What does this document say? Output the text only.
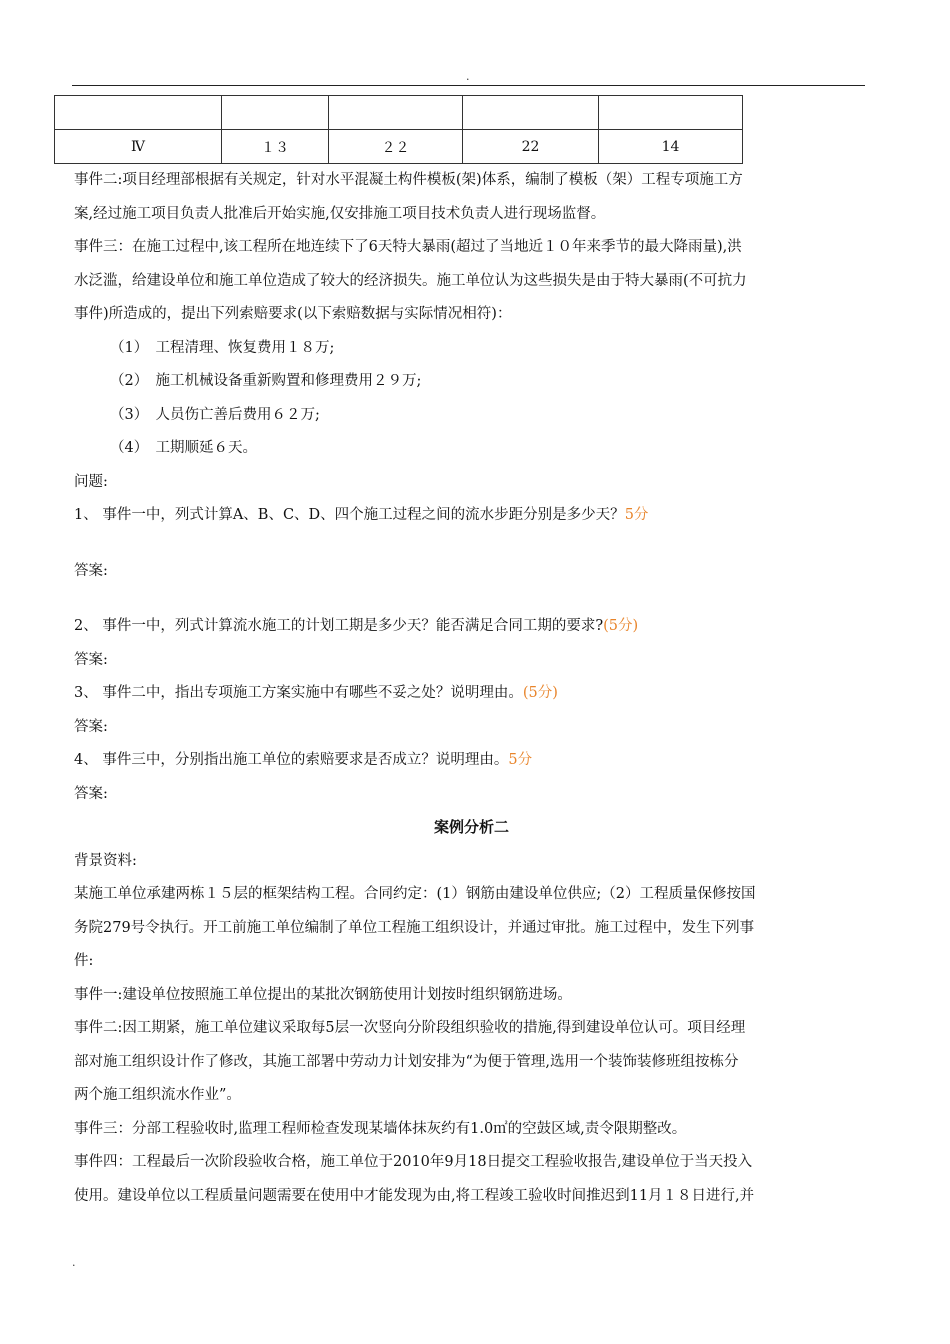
.

Ⅳ	１３	２２	22	14

事件二:项目经理部根据有关规定，针对水平混凝土构件模板(架)体系，编制了模板（架）工程专项施工方

案,经过施工项目负责人批准后开始实施,仅安排施工项目技术负责人进行现场监督。

事件三：在施工过程中,该工程所在地连续下了6天特大暴雨(超过了当地近１０年来季节的最大降雨量),洪

水泛滥，给建设单位和施工单位造成了较大的经济损失。施工单位认为这些损失是由于特大暴雨(不可抗力

事件)所造成的，提出下列索赔要求(以下索赔数据与实际情况相符)：

（1）　工程清理、恢复费用１８万;

（2）　施工机械设备重新购置和修理费用２９万;

（3）　人员伤亡善后费用６２万;

（4）　工期顺延６天。

问题:

1、 事件一中，列式计算A、B、C、D、四个施工过程之间的流水步距分别是多少天？5分

答案:

2、 事件一中，列式计算流水施工的计划工期是多少天？能否满足合同工期的要求?(5分)

答案:

3、 事件二中，指出专项施工方案实施中有哪些不妥之处？说明理由。(5分)

答案:

4、 事件三中，分别指出施工单位的索赔要求是否成立？说明理由。5分

答案:

案例分析二

背景资料:

某施工单位承建两栋１５层的框架结构工程。合同约定：(1）钢筋由建设单位供应;（2）工程质量保修按国

务院279号令执行。开工前施工单位编制了单位工程施工组织设计，并通过审批。施工过程中，发生下列事

件:

事件一:建设单位按照施工单位提出的某批次钢筋使用计划按时组织钢筋进场。

事件二:因工期紧，施工单位建议采取每5层一次竖向分阶段组织验收的措施,得到建设单位认可。项目经理

部对施工组织设计作了修改，其施工部署中劳动力计划安排为“为便于管理,选用一个装饰装修班组按栋分

两个施工组织流水作业”。

事件三：分部工程验收时,监理工程师检查发现某墙体抹灰约有1.0㎡的空鼓区域,责令限期整改。

事件四：工程最后一次阶段验收合格，施工单位于2010年9月18日提交工程验收报告,建设单位于当天投入

使用。建设单位以工程质量问题需要在使用中才能发现为由,将工程竣工验收时间推迟到11月１８日进行,并

.
